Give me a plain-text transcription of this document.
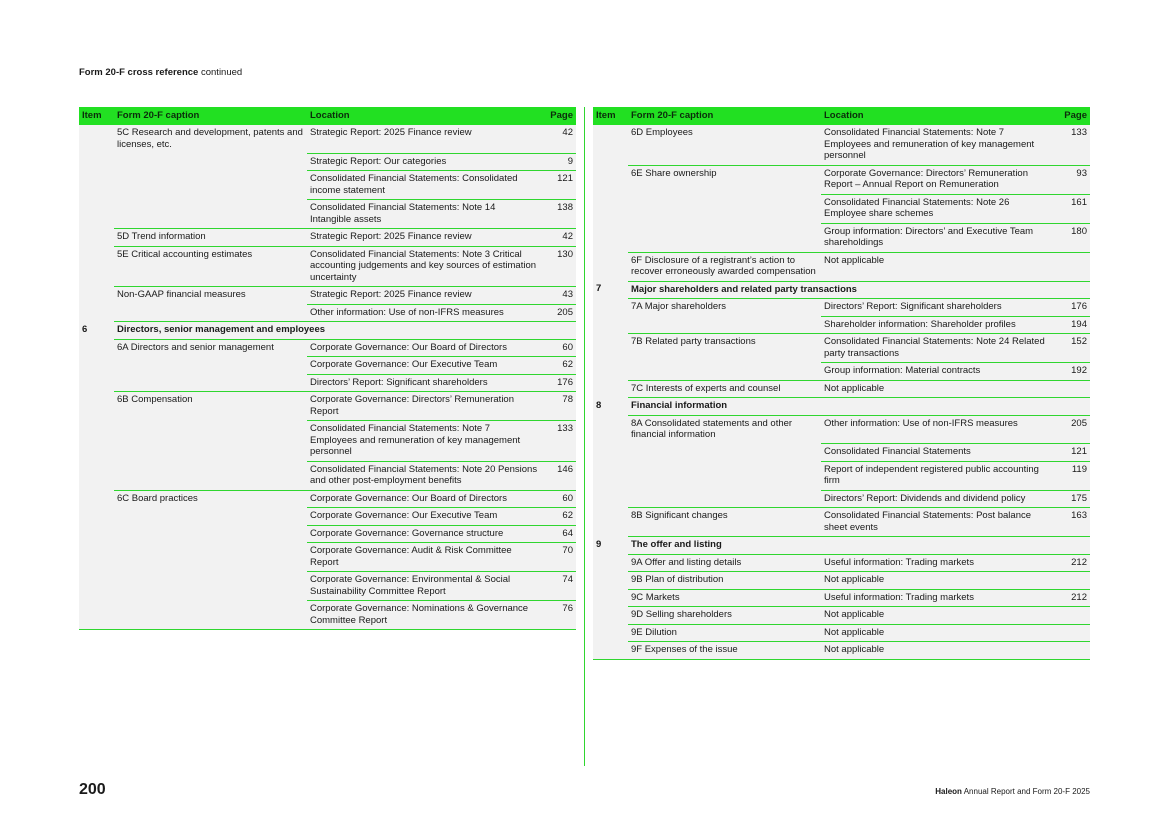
Form 20-F cross reference continued
Item	Form 20-F caption	Location	Page
	5C Research and development, patents and licenses, etc.	Strategic Report: 2025 Finance review	42
		Strategic Report: Our categories	9
		Consolidated Financial Statements: Consolidated income statement	121
		Consolidated Financial Statements: Note 14 Intangible assets	138
	5D Trend information	Strategic Report: 2025 Finance review	42
	5E Critical accounting estimates	Consolidated Financial Statements: Note 3 Critical accounting judgements and key sources of estimation uncertainty	130
	Non-GAAP financial measures	Strategic Report: 2025 Finance review	43
		Other information: Use of non-IFRS measures	205
6	Directors, senior management and employees		
	6A Directors and senior management	Corporate Governance: Our Board of Directors	60
		Corporate Governance: Our Executive Team	62
		Directors’ Report: Significant shareholders	176
	6B Compensation	Corporate Governance: Directors’ Remuneration Report	78
		Consolidated Financial Statements: Note 7 Employees and remuneration of key management personnel	133
		Consolidated Financial Statements: Note 20 Pensions and other post-employment benefits	146
	6C Board practices	Corporate Governance: Our Board of Directors	60
		Corporate Governance: Our Executive Team	62
		Corporate Governance: Governance structure	64
		Corporate Governance: Audit & Risk Committee Report	70
		Corporate Governance: Environmental & Social Sustainability Committee Report	74
		Corporate Governance: Nominations & Governance Committee Report	76
Item	Form 20-F caption	Location	Page
	6D Employees	Consolidated Financial Statements: Note 7 Employees and remuneration of key management personnel	133
	6E Share ownership	Corporate Governance: Directors’ Remuneration Report – Annual Report on Remuneration	93
		Consolidated Financial Statements: Note 26 Employee share schemes	161
		Group information: Directors’ and Executive Team shareholdings	180
	6F Disclosure of a registrant’s action to recover erroneously awarded compensation	Not applicable	
7	Major shareholders and related party transactions		
	7A Major shareholders	Directors’ Report: Significant shareholders	176
		Shareholder information: Shareholder profiles	194
	7B Related party transactions	Consolidated Financial Statements: Note 24 Related party transactions	152
		Group information: Material contracts	192
	7C Interests of experts and counsel	Not applicable	
8	Financial information		
	8A Consolidated statements and other financial information	Other information: Use of non-IFRS measures	205
		Consolidated Financial Statements	121
		Report of independent registered public accounting firm	119
		Directors’ Report: Dividends and dividend policy	175
	8B Significant changes	Consolidated Financial Statements: Post balance sheet events	163
9	The offer and listing		
	9A Offer and listing details	Useful information: Trading markets	212
	9B Plan of distribution	Not applicable	
	9C Markets	Useful information: Trading markets	212
	9D Selling shareholders	Not applicable	
	9E Dilution	Not applicable	
	9F Expenses of the issue	Not applicable	
200	Haleon Annual Report and Form 20-F 2025
